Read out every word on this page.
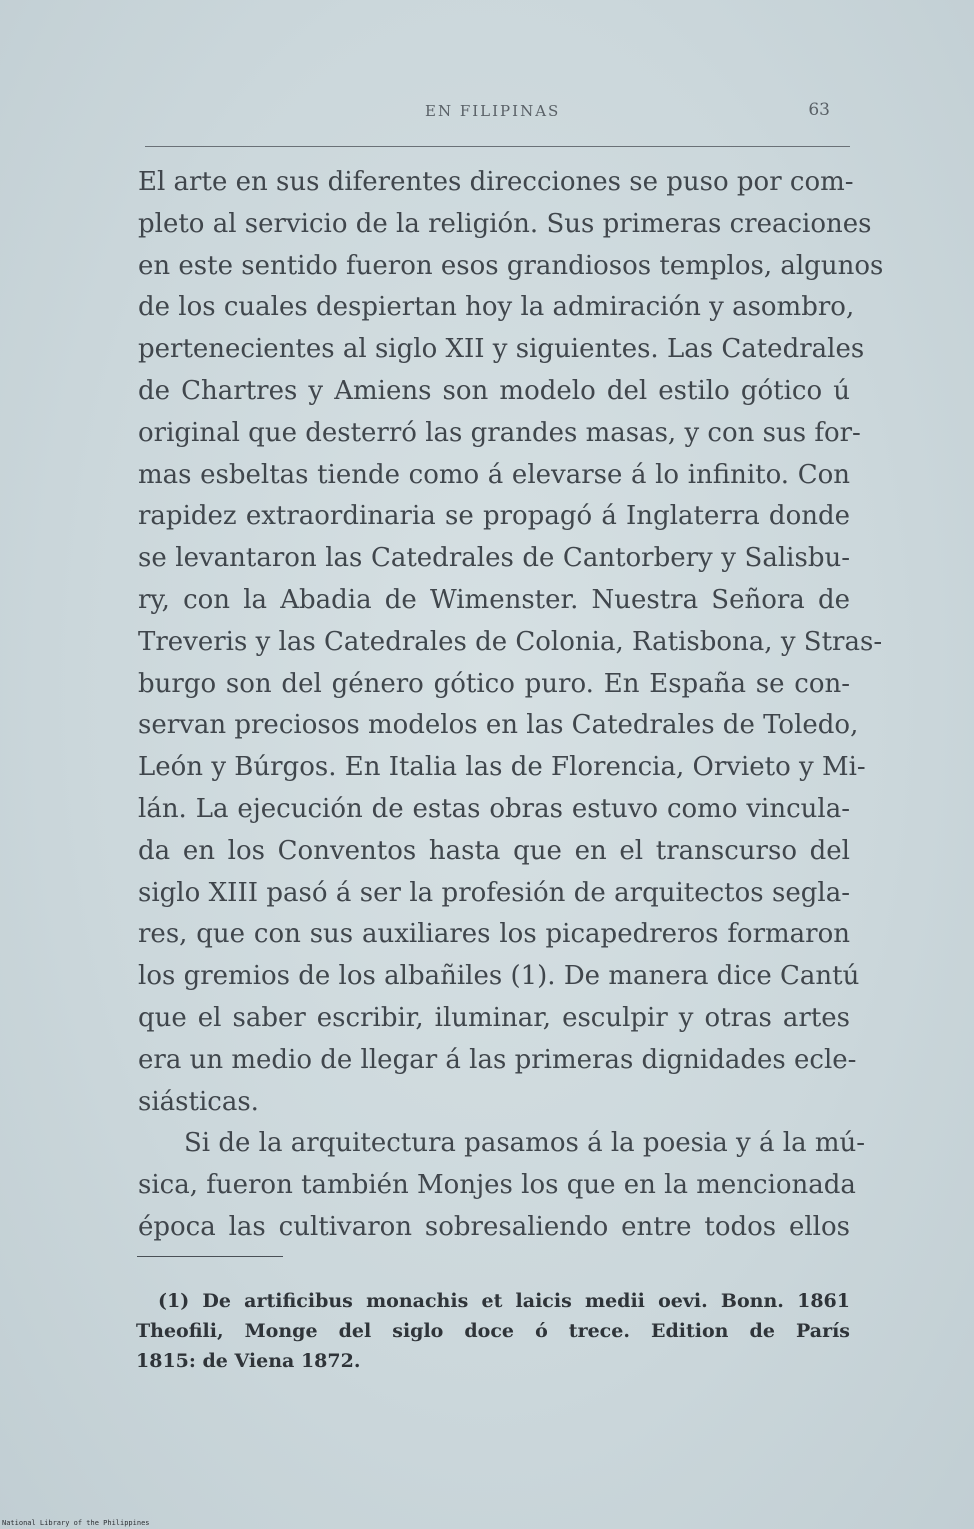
EN FILIPINAS	63
El arte en sus diferentes direcciones se puso por com-
pleto al servicio de la religión. Sus primeras creaciones
en este sentido fueron esos grandiosos templos, algunos
de los cuales despiertan hoy la admiración y asombro,
pertenecientes al siglo XII y siguientes. Las Catedrales
de Chartres y Amiens son modelo del estilo gótico ú
original que desterró las grandes masas, y con sus for-
mas esbeltas tiende como á elevarse á lo infinito. Con
rapidez extraordinaria se propagó á Inglaterra donde
se levantaron las Catedrales de Cantorbery y Salisbu-
ry, con la Abadia de Wimenster. Nuestra Señora de
Treveris y las Catedrales de Colonia, Ratisbona, y Stras-
burgo son del género gótico puro. En España se con-
servan preciosos modelos en las Catedrales de Toledo,
León y Búrgos. En Italia las de Florencia, Orvieto y Mi-
lán. La ejecución de estas obras estuvo como vincula-
da en los Conventos hasta que en el transcurso del
siglo XIII pasó á ser la profesión de arquitectos segla-
res, que con sus auxiliares los picapedreros formaron
los gremios de los albañiles (1). De manera dice Cantú
que el saber escribir, iluminar, esculpir y otras artes
era un medio de llegar á las primeras dignidades ecle-
siásticas.
Si de la arquitectura pasamos á la poesia y á la mú-
sica, fueron también Monjes los que en la mencionada
época las cultivaron sobresaliendo entre todos ellos
(1) De artificibus monachis et laicis medii oevi. Bonn. 1861
Theofili, Monge del siglo doce ó trece. Edition de París
1815: de Viena 1872.
National Library of the Philippines
